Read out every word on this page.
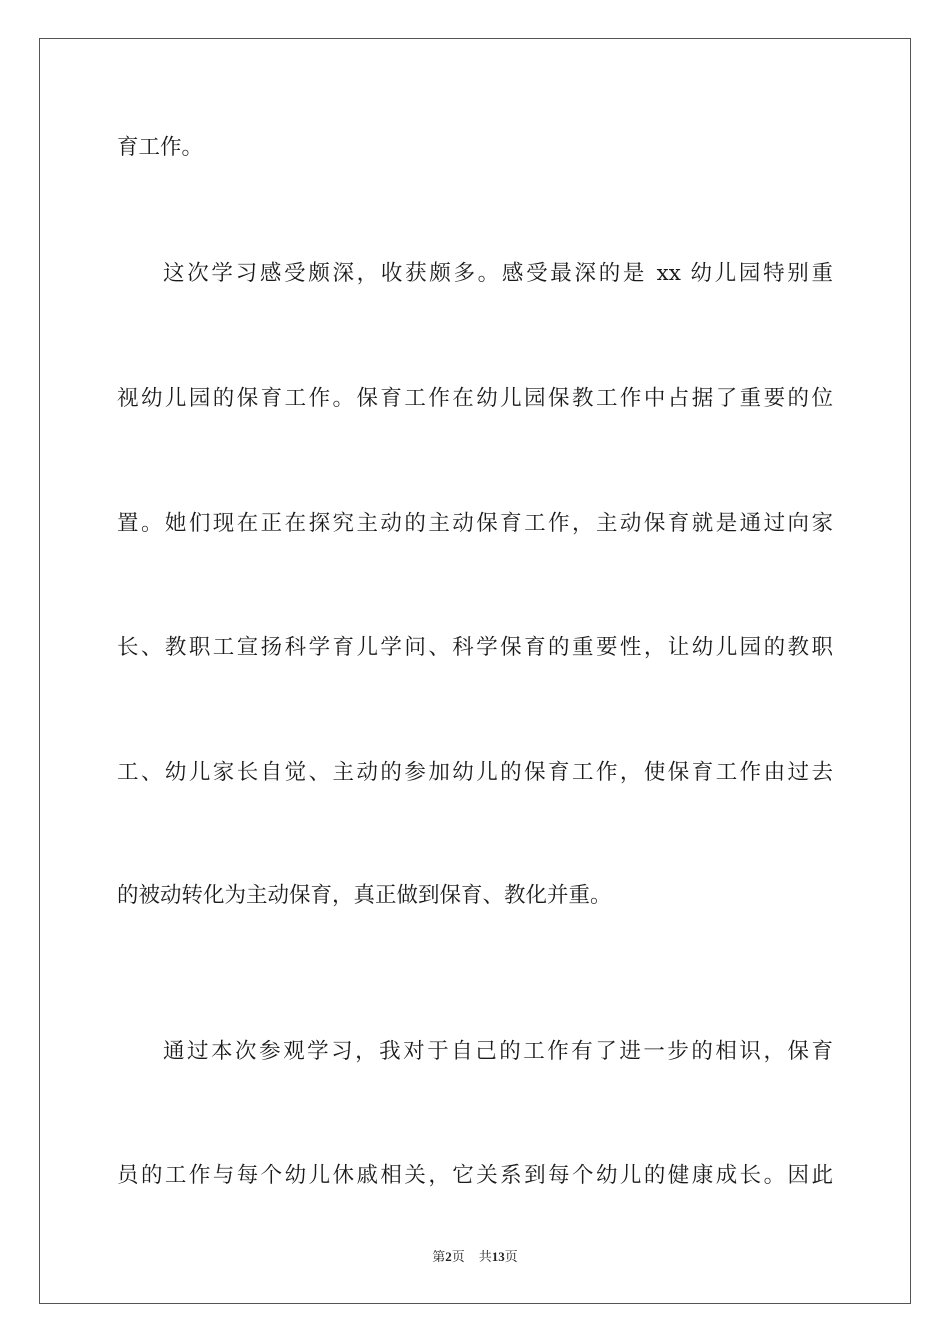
育工作。
这次学习感受颇深，收获颇多。感受最深的是 xx 幼儿园特别重
视幼儿园的保育工作。保育工作在幼儿园保教工作中占据了重要的位
置。她们现在正在探究主动的主动保育工作，主动保育就是通过向家
长、教职工宣扬科学育儿学问、科学保育的重要性，让幼儿园的教职
工、幼儿家长自觉、主动的参加幼儿的保育工作，使保育工作由过去
的被动转化为主动保育，真正做到保育、教化并重。
通过本次参观学习，我对于自己的工作有了进一步的相识，保育
员的工作与每个幼儿休戚相关，它关系到每个幼儿的健康成长。因此
第2页 共13页
